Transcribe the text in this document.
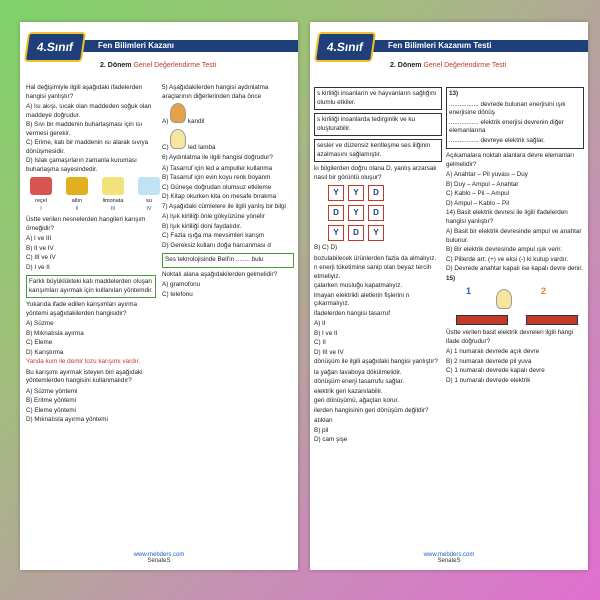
Fen Bilimleri Kazanı
4.Sınıf
2. Dönem Genel Değerlendirme Testi

Hal değişimiyle ilgili aşağıdaki ifadelerden hangisi yanlıştır?

A) Isı akışı, sıcak olan maddeden soğuk olan maddeye doğrudur.

B) Sıvı bir maddenin buharlaşması için ısı vermesi gerekir.

C) Erime, katı bir maddenin ısı alarak sıvıya dönüşmesidir.

D) Islak çamaşırların zamanla kuruması buharlaşma sayesindedir.

reçel
I
altın
II
limonata
III
su
IV

Üstte verilen nesnelerden hangileri karışım örneğidir?

A) I ve III

B) II ve IV

C) III ve IV

D) I ve II

Farklı büyüklükteki katı maddelerden oluşan karışımları ayırmak için kullanılan yöntemdir.

Yukarıda ifade edilen karışımları ayırma yöntemi aşağıdakilerden hangisidir?

A) Süzme

B) Mıknatısla ayırma

C) Eleme

D) Karıştırma

Yanda kum ile demir tozu karışımı vardır.

Bu karışımı ayırmak isteyen biri aşağıdaki yöntemlerden hangisini kullanmalıdır?

A) Süzme yöntemi

B) Eritme yöntemi

C) Eleme yöntemi

D) Mıknatısla ayırma yöntemi

5) Aşağıdakilerden hangisi aydınlatma araçlarının diğerlerinden daha önce

A)	kandil

C)	led lamba

6) Aydınlatma ile ilgili hangisi doğrudur?

A) Tasarruf için led a ampuller kullanma

B) Tasarruf için evin koyu renk boyanm

C) Güneşe doğrudan olumsuz etkileme

D) Kitap okurken kita on mesafe bırakma

7) Aşağıdaki cümlelere ile ilgili yanlış bir bilgi

A) Işık kirliliği önle gökyüzüne yönelir

B) Işık kirliliği doni faydalıdır.

C) Fazla ışığa ma mevsimleri karışm

D) Gereksiz kullanı doğa harcanması d

Ses teknolojisinde Bell'in ........ bulu

Noktalı alana aşağıdakilerden gelmelidir?

A) gramofonu

C) telefonu

www.mebders.com
SenateS
Fen Bilimleri Kazanım Testi
4.Sınıf
2. Dönem Genel Değerlendirme Testi
s kirliliği insanların ve hayvanların sağlığını olumlu etkiler.
s kirliliği insanlarda tedirginlik ve ku oluşturabilir.
sesler ve düzensiz kentleşme ses iliğinin azalmasını sağlamıştır.

kı bilgilerden doğru olana D, yanlış arzarsak nasıl bir görüntü oluşur?

Y	Y	D
D	Y	D
Y	D	Y

B) C) D)

bozulabilecek ürünlerden fazla da almalıyız.

n enerji tüketimine sanip olan beyaz tercih etmeliyiz.

çalarken musluğu kapatmalıyız.

lmayan elektrikli aletlerin fişlerini n çıkarmalıyız.

ifadelerden hangisi tasarruf

A) II

B) I ve II

C) II

D) III ve IV

dönüşüm ile ilgili aşağıdaki hangisi yanlıştır?

la yağan lavaboya dökülmelidir.

dönüşüm enerji tasarrufu sağlar.

elektrik geri kazanılabilir.

geri dönüşümü, ağaçları korur.

ilerden hangisinin geri dönüşüm değildir?

atıklan

B) pil

D) cam şişe

13)

................. devrede bulunan enerjisini ışık enerjisine dönüş

................. elektrik enerjisi devrenin diğer elemanlarına

................. devreye elektrik sağlar.

Açıkamalara noktalı alanlara devre elemanları gelmelidir?

A) Anahtar – Pil yuvası – Duy

B) Duy – Ampul – Anahtar

C) Kablo – Pil – Ampul

D) Ampul – Kablo – Pil

14) Basit elektrik devresi ile ilgili ifadelerden hangisi yanlıştır?

A) Basit bir elektrik devresinde ampul ve anahtar bulunur.

B) Bir elektrik devresinde ampul ışık verir.

C) Pillerde art: (+) ve eksi (-) ki kutup vardır.

D) Devrede anahtar kapalı ise kapalı devre denir.

15)

1	2

Üstte verilen basit elektrik devreleri ilgili hangi ifade doğrudur?

A) 1 numaralı devrede açık devre

B) 2 numaralı devrede pil yuva

C) 1 numaralı devrede kapalı devre

D) 1 numaralı devrede elektrik

www.mebders.com
SenateS
